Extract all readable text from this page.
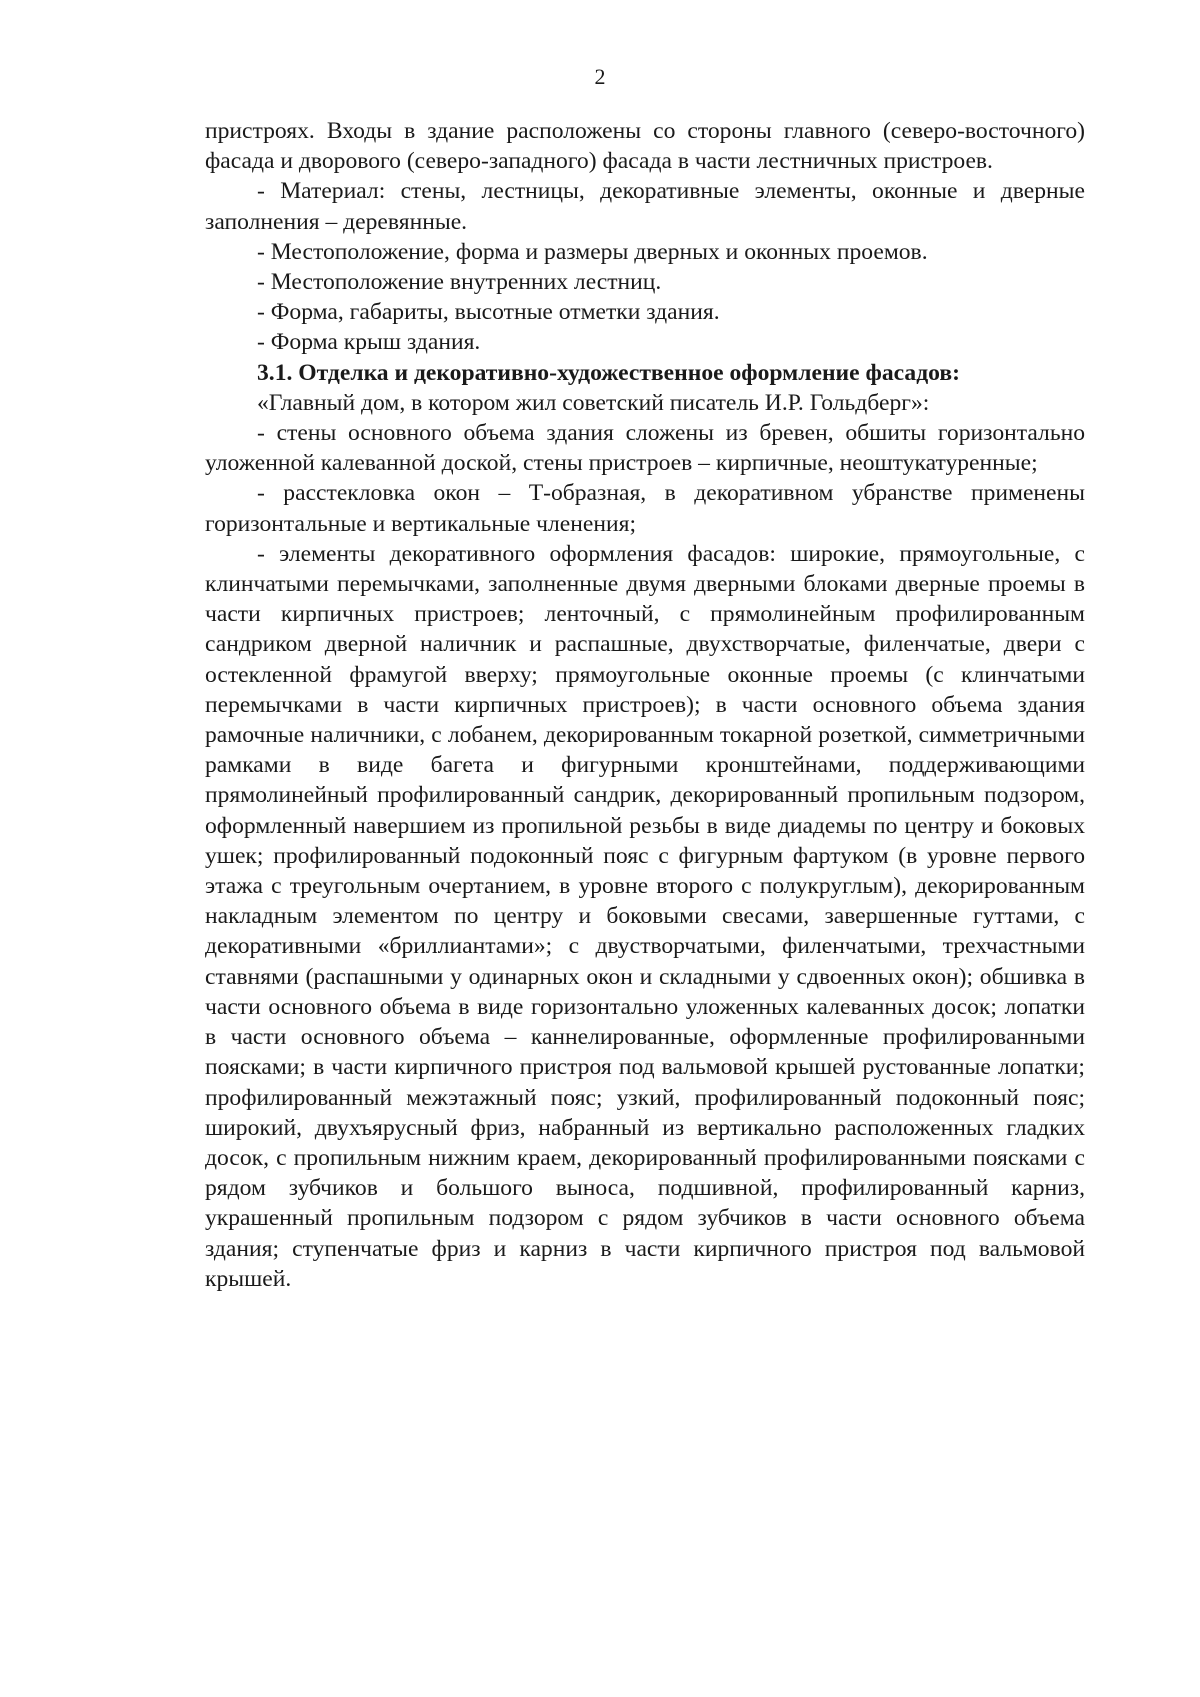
2

пристроях. Входы в здание расположены со стороны главного (северо-восточного) фасада и дворового (северо-западного) фасада в части лестничных пристроев.

- Материал: стены, лестницы, декоративные элементы, оконные и дверные заполнения – деревянные.

- Местоположение, форма и размеры дверных и оконных проемов.

- Местоположение внутренних лестниц.

- Форма, габариты, высотные отметки здания.

- Форма крыш здания.

3.1. Отделка и декоративно-художественное оформление фасадов:

«Главный дом, в котором жил советский писатель И.Р. Гольдберг»:

- стены основного объема здания сложены из бревен, обшиты горизонтально уложенной калеванной доской, стены пристроев – кирпичные, неоштукатуренные;

- расстекловка окон – Т-образная, в декоративном убранстве применены горизонтальные и вертикальные членения;

- элементы декоративного оформления фасадов: широкие, прямоугольные, с клинчатыми перемычками, заполненные двумя дверными блоками дверные проемы в части кирпичных пристроев; ленточный, с прямолинейным профилированным сандриком дверной наличник и распашные, двухстворчатые, филенчатые, двери с остекленной фрамугой вверху; прямоугольные оконные проемы (с клинчатыми перемычками в части кирпичных пристроев); в части основного объема здания рамочные наличники, с лобанем, декорированным токарной розеткой, симметричными рамками в виде багета и фигурными кронштейнами, поддерживающими прямолинейный профилированный сандрик, декорированный пропильным подзором, оформленный навершием из пропильной резьбы в виде диадемы по центру и боковых ушек; профилированный подоконный пояс с фигурным фартуком (в уровне первого этажа с треугольным очертанием, в уровне второго с полукруглым), декорированным накладным элементом по центру и боковыми свесами, завершенные гуттами, с декоративными «бриллиантами»; с двустворчатыми, филенчатыми, трехчастными ставнями (распашными у одинарных окон и складными у сдвоенных окон); обшивка в части основного объема в виде горизонтально уложенных калеванных досок; лопатки в части основного объема – каннелированные, оформленные профилированными поясками; в части кирпичного пристроя под вальмовой крышей рустованные лопатки; профилированный межэтажный пояс; узкий, профилированный подоконный пояс; широкий, двухъярусный фриз, набранный из вертикально расположенных гладких досок, с пропильным нижним краем, декорированный профилированными поясками с рядом зубчиков и большого выноса, подшивной, профилированный карниз, украшенный пропильным подзором с рядом зубчиков в части основного объема здания; ступенчатые фриз и карниз в части кирпичного пристроя под вальмовой крышей.
